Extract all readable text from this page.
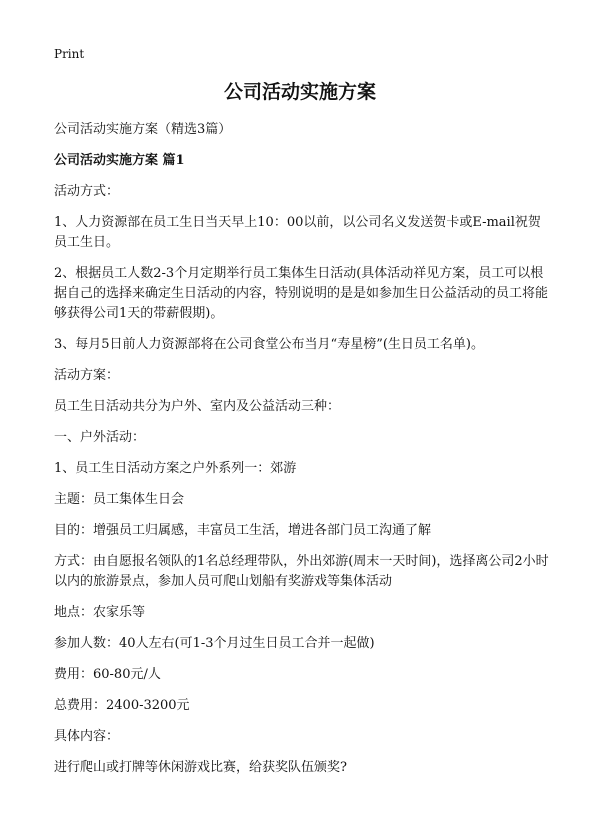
Print
公司活动实施方案

公司活动实施方案（精选3篇）

公司活动实施方案 篇1

活动方式：

1、人力资源部在员工生日当天早上10：00以前，以公司名义发送贺卡或E-mail祝贺员工生日。

2、根据员工人数2-3个月定期举行员工集体生日活动(具体活动祥见方案，员工可以根据自己的选择来确定生日活动的内容，特别说明的是是如参加生日公益活动的员工将能够获得公司1天的带薪假期)。

3、每月5日前人力资源部将在公司食堂公布当月“寿星榜”(生日员工名单)。

活动方案：

员工生日活动共分为户外、室内及公益活动三种：

一、户外活动：

1、员工生日活动方案之户外系列一：郊游

主题：员工集体生日会

目的：增强员工归属感，丰富员工生活，增进各部门员工沟通了解

方式：由自愿报名领队的1名总经理带队，外出郊游(周末一天时间)，选择离公司2小时以内的旅游景点，参加人员可爬山划船有奖游戏等集体活动

地点：农家乐等

参加人数：40人左右(可1-3个月过生日员工合并一起做)

费用：60-80元/人

总费用：2400-3200元

具体内容：

进行爬山或打牌等休闲游戏比赛，给获奖队伍颁奖?
